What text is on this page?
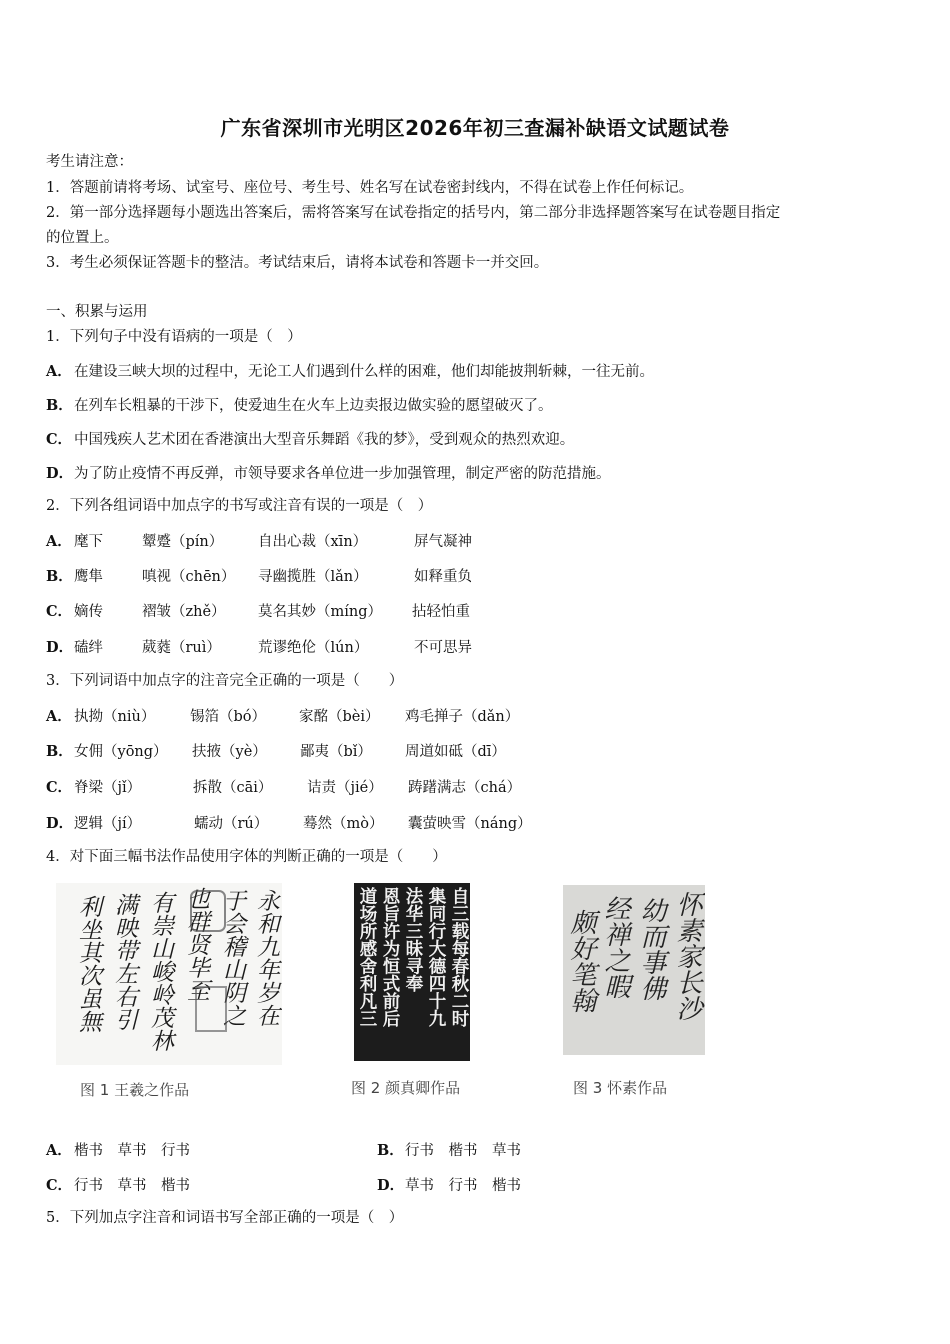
广东省深圳市光明区2026年初三查漏补缺语文试题试卷
考生请注意：
1．答题前请将考场、试室号、座位号、考生号、姓名写在试卷密封线内，不得在试卷上作任何标记。
2．第一部分选择题每小题选出答案后，需将答案写在试卷指定的括号内，第二部分非选择题答案写在试卷题目指定
的位置上。
3．考生必须保证答题卡的整洁。考试结束后，请将本试卷和答题卡一并交回。
一、积累与运用
1．下列句子中没有语病的一项是（　）
A． 在建设三峡大坝的过程中，无论工人们遇到什么样的困难，他们却能披荆斩棘，一往无前。
B．在列车长粗暴的干涉下，使爱迪生在火车上边卖报边做实验的愿望破灭了。
C． 中国残疾人艺术团在香港演出大型音乐舞蹈《我的梦》，受到观众的热烈欢迎。
D．为了防止疫情不再反弹，市领导要求各单位进一步加强管理，制定严密的防范措施。
2．下列各组词语中加点字的书写或注音有误的一项是（　）
A． 麾下	颦蹙（pín） 自出心裁（xīn）	屏气凝神
B． 鹰隼	嗔视（chēn） 寻幽揽胜（lǎn）	如释重负
C． 嫡传	褶皱（zhě） 莫名其妙（míng） 拈轻怕重
D． 磕绊	葳蕤（ruì）	荒谬绝伦（lún）	不可思异
3．下列词语中加点字的注音完全正确的一项是（　　）
A． 执拗（niù） 锡箔（bó） 家酩（bèi） 鸡毛掸子（dǎn）
B． 女佣（yōng） 扶掖（yè） 鄙夷（bǐ） 周道如砥（dī）
C． 脊梁（jǐ）	拆散（cāi） 诘责（jié） 踌躇满志（chá）
D． 逻辑（jí）	蠕动（rú） 蓦然（mò） 囊萤映雪（náng）
4．对下面三幅书法作品使用字体的判断正确的一项是（　　）
永和九年岁在
于会稽山阴之
也群贤毕至
有崇山峻岭茂林
满映带左右引
利坐其次虽無	自三载每春秋二时
集同行大德四十九
法华三昧寻奉
恩旨许为恒式前后
道场所感舍利凡三	怀素家长沙
幼而事佛
经禅之暇
颇好笔翰
图 1 王羲之作品	图 2 颜真卿作品	图 3 怀素作品
A． 楷书　草书　行书	B．行书　楷书　草书
C． 行书　草书　楷书	D．草书　行书　楷书
5．下列加点字注音和词语书写全部正确的一项是（　）
